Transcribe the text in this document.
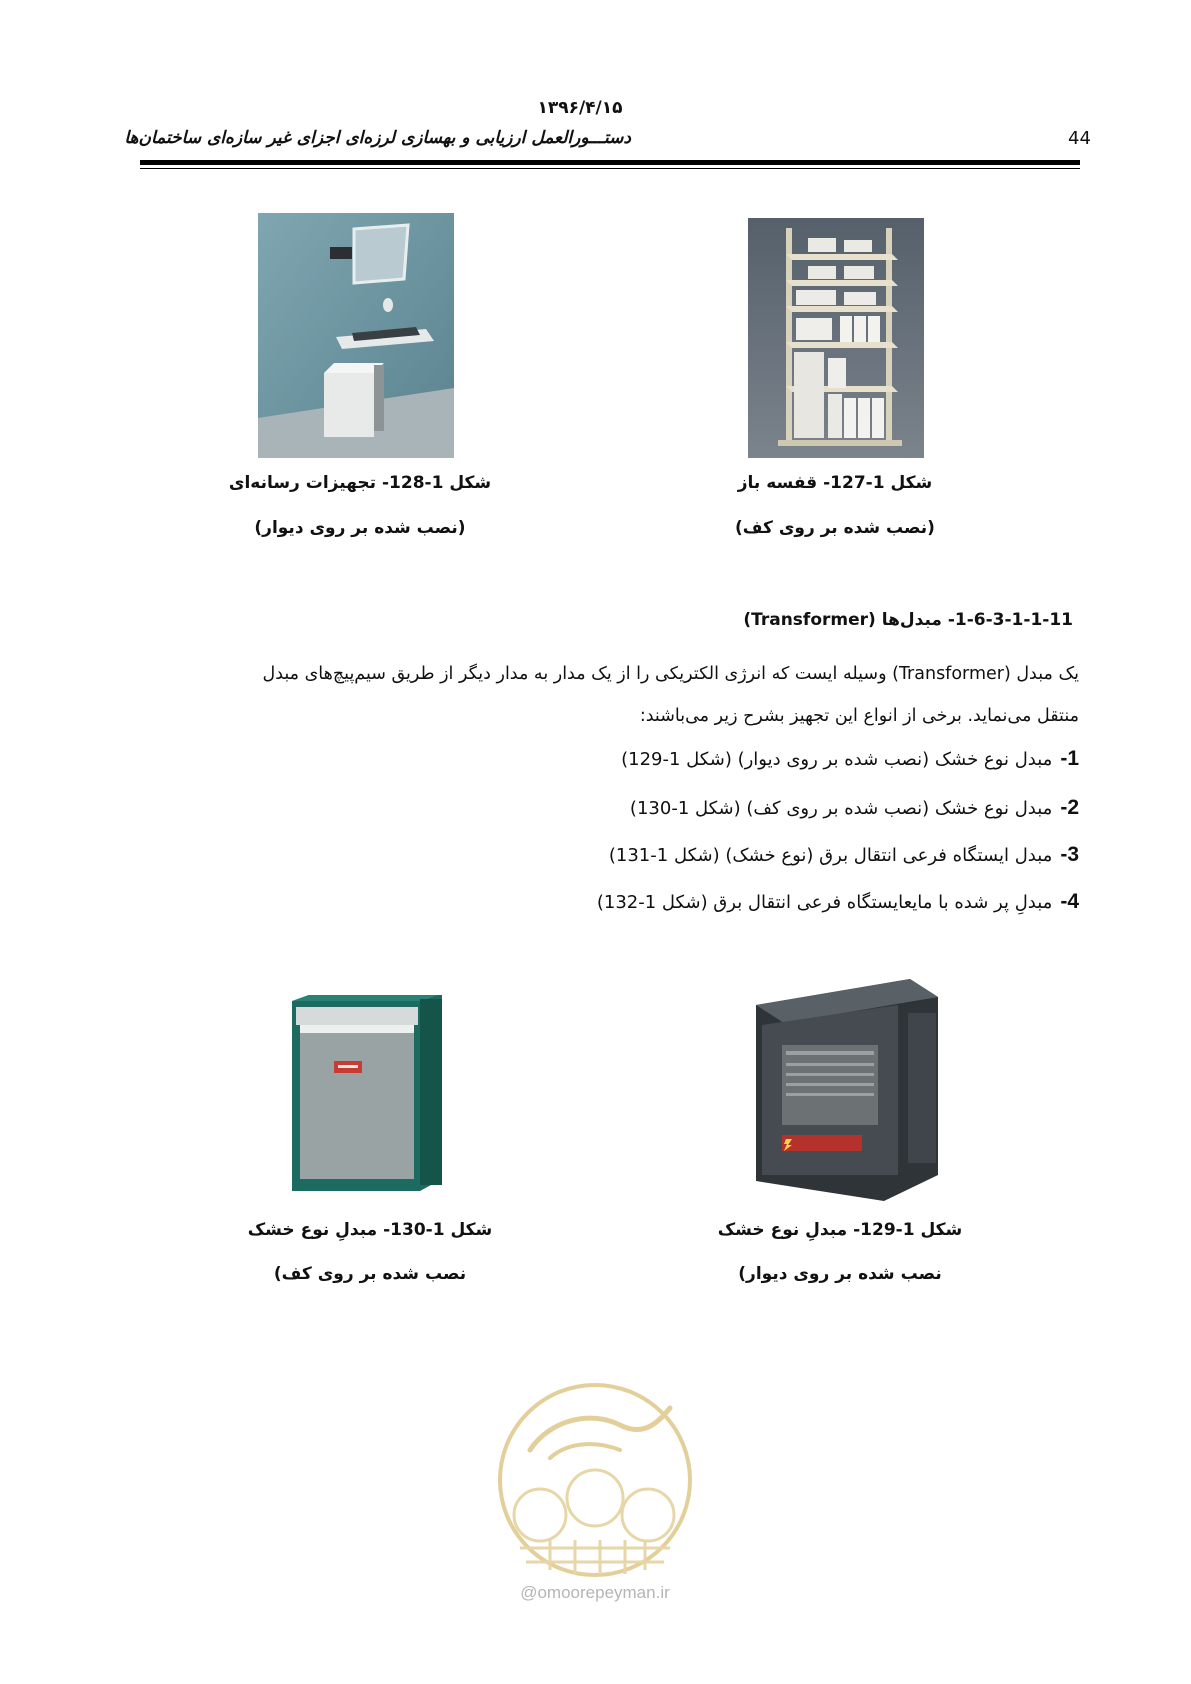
۱۳۹۶/۴/۱۵
دستـــورالعمل ارزیابی و بهسازی لرزه‌ای اجزای غیر سازه‌ای ساختمان‌ها	44
شکل 1-127- قفسه باز
(نصب شده بر روی کف)
شکل 1-128- تجهیزات رسانه‌ای
(نصب شده بر روی دیوار)
1-6-3-1-1-11- مبدل‌ها (Transformer)
یک مبدل (Transformer) وسیله ایست که انرژی الکتریکی را از یک مدار به مدار دیگر از طریق سیم‌پیچ‌های مبدل
منتقل می‌نماید. برخی از انواع این تجهیز بشرح زیر می‌باشند:
1-مبدل نوع خشک (نصب شده بر روی دیوار) (شکل 1-129)
2-مبدل نوع خشک (نصب شده بر روی کف) (شکل 1-130)
3-مبدل ایستگاه فرعی انتقال برق (نوع خشک) (شکل 1-131)
4-مبدلِ پر شده با مایعایستگاه فرعی انتقال برق (شکل 1-132)
شکل 1-129- مبدلِ نوع خشک
نصب شده بر روی دیوار)
شکل 1-130- مبدلِ نوع خشک
نصب شده بر روی کف)
@omoorepeyman.ir
